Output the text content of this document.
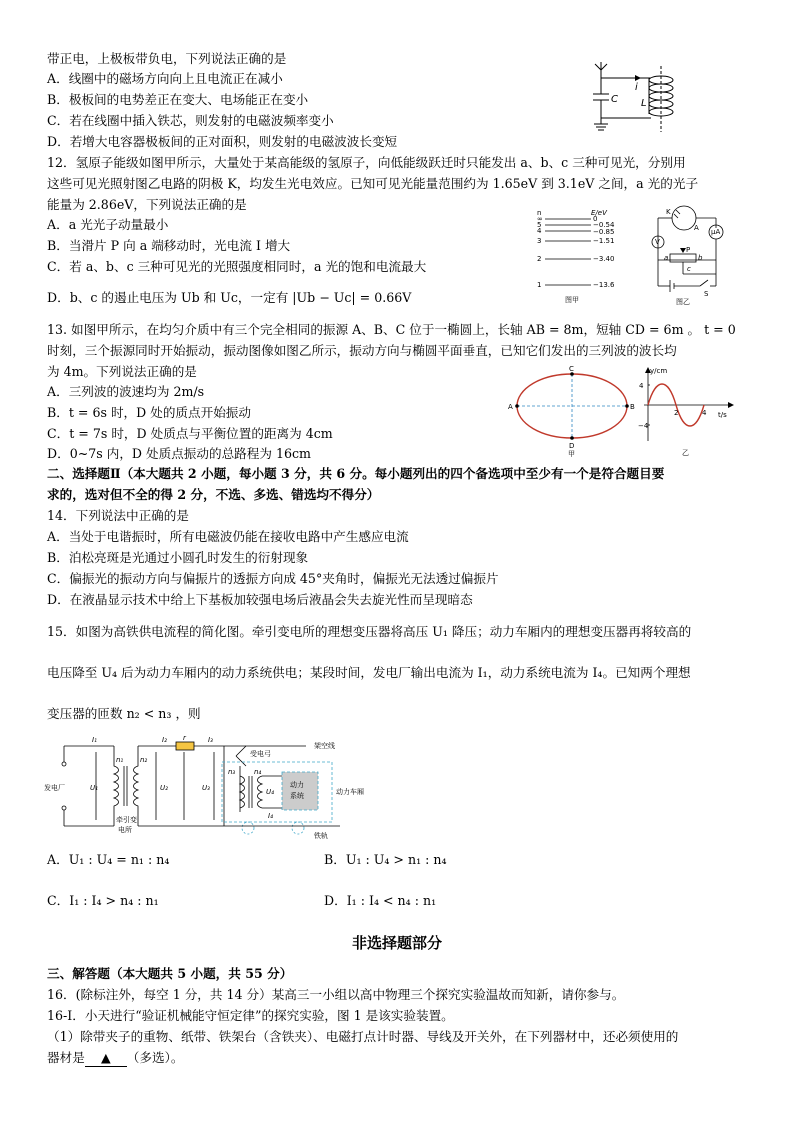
带正电，上极板带负电，下列说法正确的是
A．线圈中的磁场方向向上且电流正在减小
B．极板间的电势差正在变大、电场能正在变小
C．若在线圈中插入铁芯，则发射的电磁波频率变小
D．若增大电容器极板间的正对面积，则发射的电磁波波长变短
C
i
L
12．氢原子能级如图甲所示，大量处于某高能级的氢原子，向低能级跃迁时只能发出 a、b、c 三种可见光，分别用
这些可见光照射图乙电路的阴极 K，均发生光电效应。已知可见光能量范围约为 1.65eV 到 3.1eV 之间，a 光的光子
能量为 2.86eV，下列说法正确的是
A．a 光光子动量最小
B．当滑片 P 向 a 端移动时，光电流 I 增大
C．若 a、b、c 三种可见光的光照强度相同时，a 光的饱和电流最大
D．b、c 的遏止电压为 Ub 和 Uc，一定有 |Ub − Uc| = 0.66V
n	E/eV
∞
5
4
3
2
1
0
−0.54
−0.85
−1.51
−3.40
−13.6
图甲
K
A
V
μA
a	b
P
c
S
图乙
13. 如图甲所示，在均匀介质中有三个完全相同的振源 A、B、C 位于一椭圆上，长轴 AB = 8m，短轴 CD = 6m 。 t = 0
时刻，三个振源同时开始振动，振动图像如图乙所示，振动方向与椭圆平面垂直，已知它们发出的三列波的波长均
为 4m。下列说法正确的是
A．三列波的波速均为 2m/s
B．t = 6s 时，D 处的质点开始振动
C．t = 7s 时，D 处质点与平衡位置的距离为 4cm
D．0~7s 内，D 处质点振动的总路程为 16cm
A	B
C
D
甲
y/cm
t/s
4
−4
2	4
乙
二、选择题Ⅱ（本大题共 2 小题，每小题 3 分，共 6 分。每小题列出的四个备选项中至少有一个是符合题目要
求的，选对但不全的得 2 分，不选、多选、错选均不得分）
14．下列说法中正确的是
A．当处于电谐振时，所有电磁波仍能在接收电路中产生感应电流
B．泊松亮斑是光通过小圆孔时发生的衍射现象
C．偏振光的振动方向与偏振片的透振方向成 45°夹角时，偏振光无法透过偏振片
D．在液晶显示技术中给上下基板加较强电场后液晶会失去旋光性而呈现暗态
15．如图为高铁供电流程的简化图。牵引变电所的理想变压器将高压 U₁ 降压；动力车厢内的理想变压器再将较高的
电压降至 U₄ 后为动力车厢内的动力系统供电；某段时间，发电厂输出电流为 I₁，动力系统电流为 I₄。已知两个理想
变压器的匝数 n₂ < n₃ ，则
发电厂
I₁
U₁
n₁ n₂
牵引变
电所
I₂ r	I₃
U₂	U₃
受电弓
架空线
n₃	n₄
U₄
I₄
动力
系统	动力车厢
铁轨
A．U₁ : U₄ = n₁ : n₄	B．U₁ : U₄ > n₁ : n₄
C．I₁ : I₄ > n₄ : n₁	D．I₁ : I₄ < n₄ : n₁
非选择题部分
三、解答题（本大题共 5 小题，共 55 分）
16．(除标注外，每空 1 分，共 14 分）某高三一小组以高中物理三个探究实验温故而知新，请你参与。
16-Ⅰ．小天进行“验证机械能守恒定律”的探究实验，图 1 是该实验装置。
（1）除带夹子的重物、纸带、铁架台（含铁夹）、电磁打点计时器、导线及开关外，在下列器材中，还必须使用的
器材是 ▲ （多选）。
